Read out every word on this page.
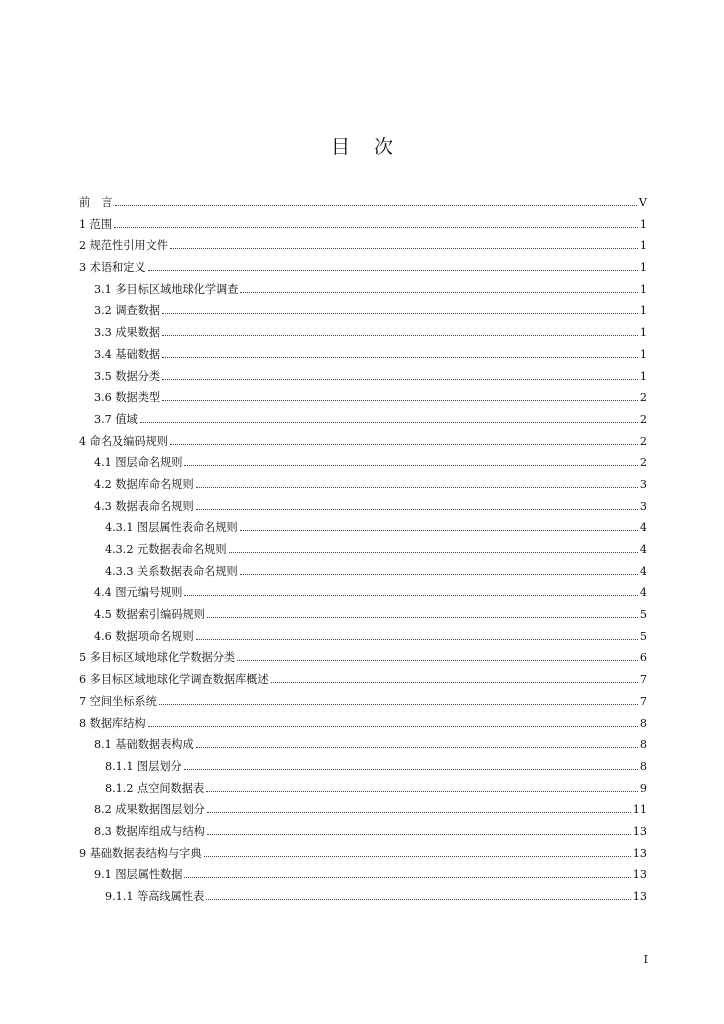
目 次
前　言	V
1 范围	1
2 规范性引用文件	1
3 术语和定义	1
3.1 多目标区域地球化学调查	1
3.2 调查数据	1
3.3 成果数据	1
3.4 基础数据	1
3.5 数据分类	1
3.6 数据类型	2
3.7 值域	2
4 命名及编码规则	2
4.1 图层命名规则	2
4.2 数据库命名规则	3
4.3 数据表命名规则	3
4.3.1 图层属性表命名规则	4
4.3.2 元数据表命名规则	4
4.3.3 关系数据表命名规则	4
4.4 图元编号规则	4
4.5 数据索引编码规则	5
4.6 数据项命名规则	5
5 多目标区域地球化学数据分类	6
6 多目标区域地球化学调查数据库概述	7
7 空间坐标系统	7
8 数据库结构	8
8.1 基础数据表构成	8
8.1.1 图层划分	8
8.1.2 点空间数据表	9
8.2 成果数据图层划分	11
8.3 数据库组成与结构	13
9 基础数据表结构与字典	13
9.1 图层属性数据	13
9.1.1 等高线属性表	13
I
